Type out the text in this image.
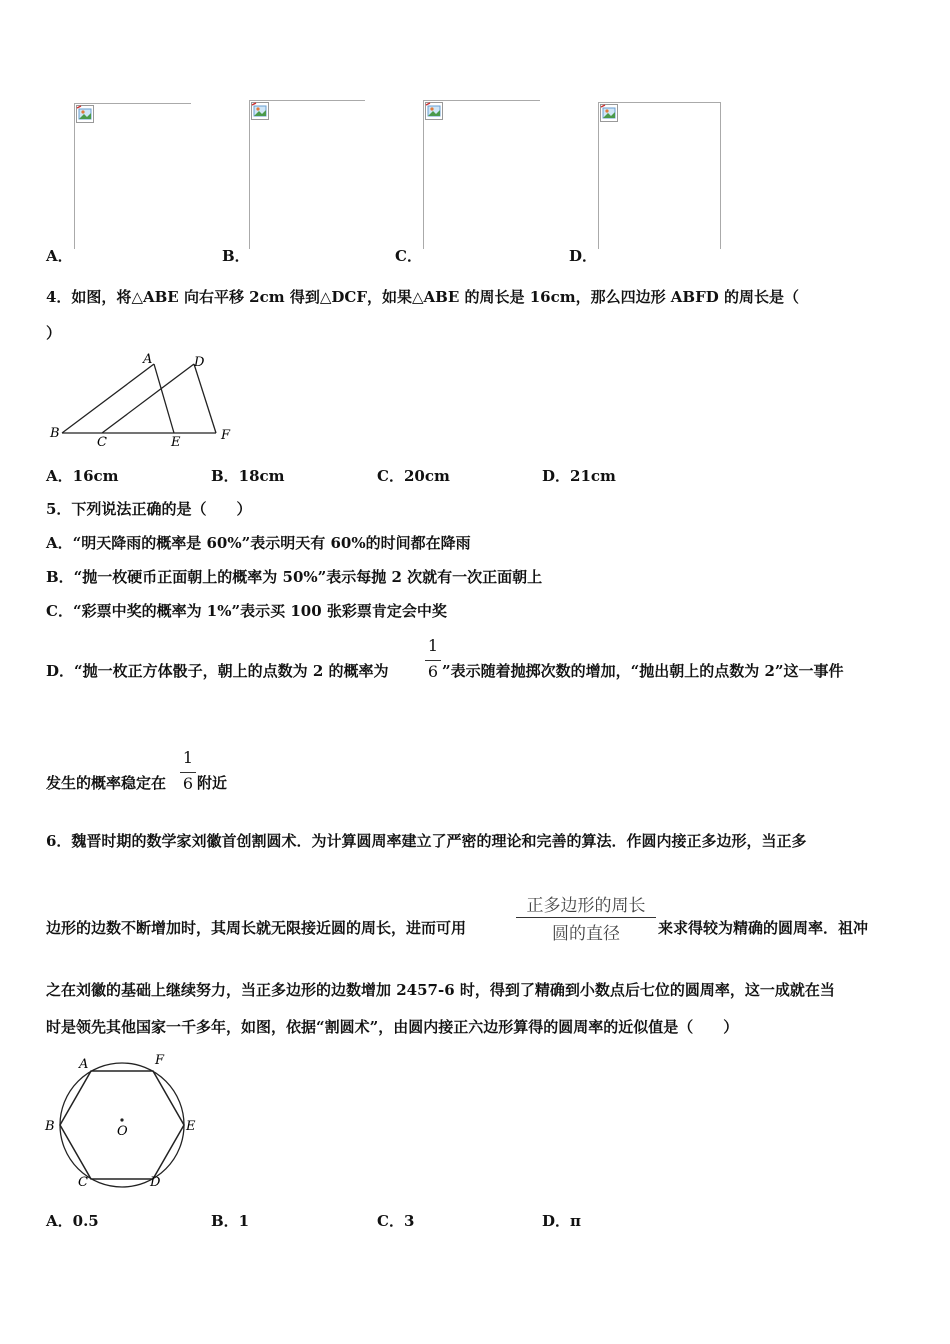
A．	B．	C．	D．
4．如图，将△ABE 向右平移 2cm 得到△DCF，如果△ABE 的周长是 16cm，那么四边形 ABFD 的周长是（
）
A	D
B
C	E	F
A．16cm	B．18cm	C．20cm	D．21cm
5．下列说法正确的是（　　）
A．“明天降雨的概率是 60%”表示明天有 60%的时间都在降雨
B．“抛一枚硬币正面朝上的概率为 50%”表示每抛 2 次就有一次正面朝上
C．“彩票中奖的概率为 1%”表示买 100 张彩票肯定会中奖
D．“抛一枚正方体骰子，朝上的点数为 2 的概率为
1
6 ”表示随着抛掷次数的增加，“抛出朝上的点数为 2”这一事件
发生的概率稳定在
1
6 附近
6．魏晋时期的数学家刘徽首创割圆术．为计算圆周率建立了严密的理论和完善的算法．作圆内接正多边形，当正多
边形的边数不断增加时，其周长就无限接近圆的周长，进而可用
正多边形的周长
圆的直径	来求得较为精确的圆周率．祖冲
之在刘徽的基础上继续努力，当正多边形的边数增加 2457-6 时，得到了精确到小数点后七位的圆周率，这一成就在当
时是领先其他国家一千多年，如图，依据“割圆术”，由圆内接正六边形算得的圆周率的近似值是（　　）
A	F
B	E
O
C	D
A．0.5	B．1	C．3	D．π
